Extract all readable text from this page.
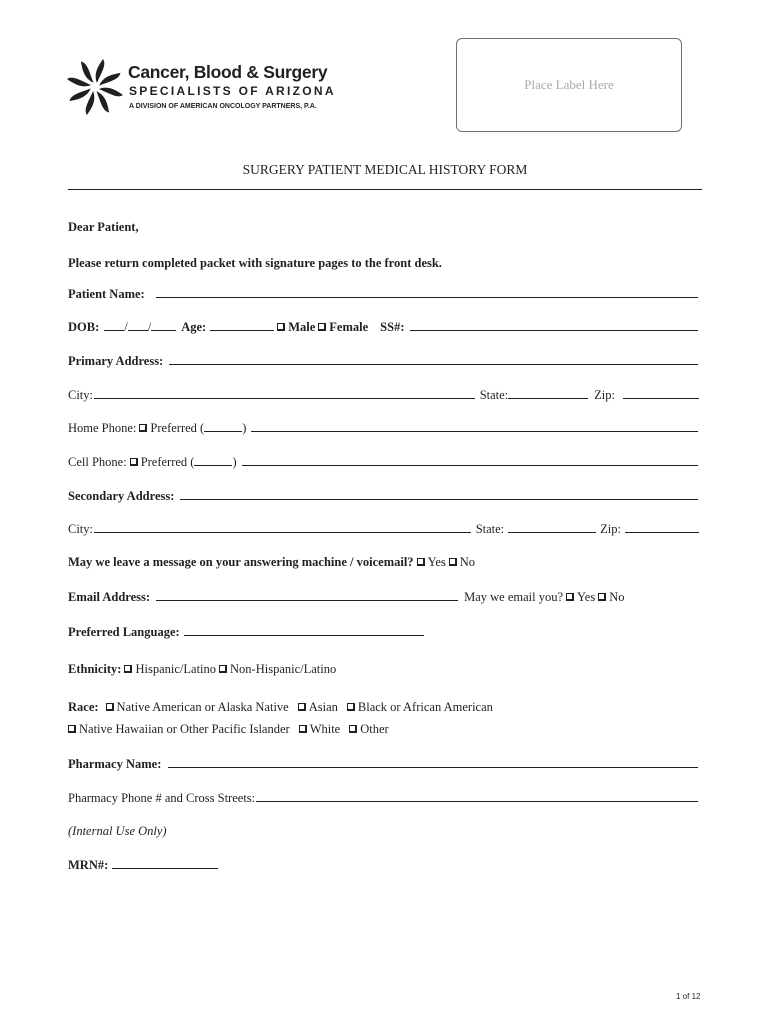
Cancer, Blood & Surgery
SPECIALISTS OF ARIZONA
A DIVISION OF AMERICAN ONCOLOGY PARTNERS, P.A.
Place Label Here
SURGERY PATIENT MEDICAL HISTORY FORM
Dear Patient,
Please return completed packet with signature pages to the front desk.
Patient Name:
DOB: / / Age:	Male Female SS#:
Primary Address:
City:	State:	Zip:
Home Phone: Preferred (	)
Cell Phone: Preferred (	)
Secondary Address:
City:	State:	Zip:
May we leave a message on your answering machine / voicemail? Yes No
Email Address:	May we email you? Yes No
Preferred Language:
Ethnicity: Hispanic/Latino Non-Hispanic/Latino
Race: Native American or Alaska Native Asian Black or African American
Native Hawaiian or Other Pacific Islander White Other
Pharmacy Name:
Pharmacy Phone # and Cross Streets:
(Internal Use Only)
MRN#:
1 of 12
